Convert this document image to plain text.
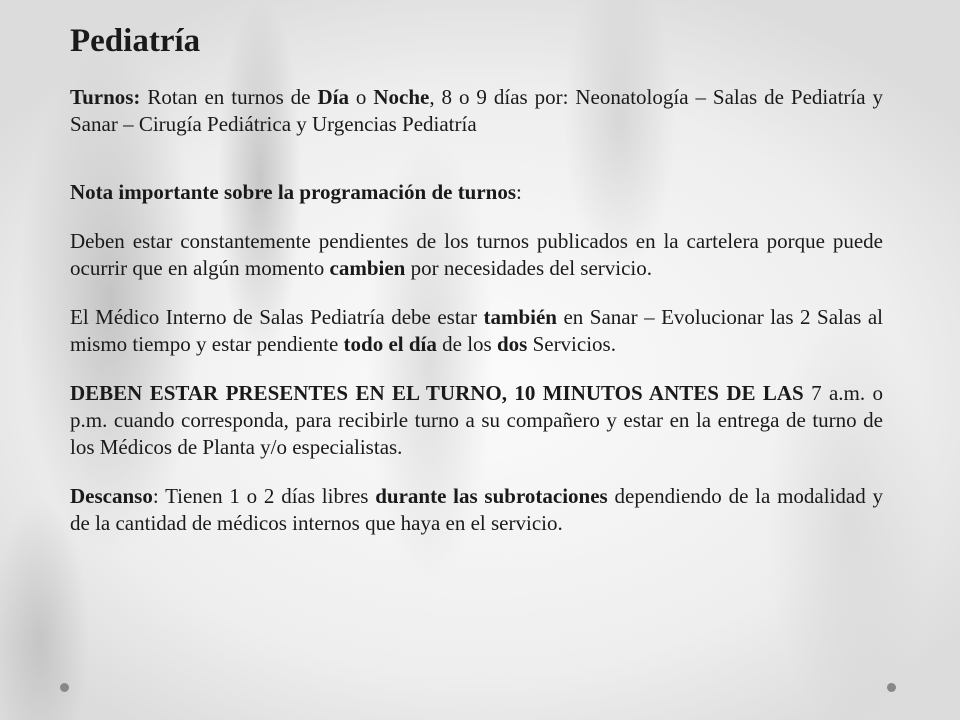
Pediatría

Turnos: Rotan en turnos de Día o Noche, 8 o 9 días por: Neonatología – Salas de Pediatría y Sanar – Cirugía Pediátrica y Urgencias Pediatría

Nota importante sobre la programación de turnos:

Deben estar constantemente pendientes de los turnos publicados en la cartelera porque puede ocurrir que en algún momento cambien por necesidades del servicio.

El Médico Interno de Salas Pediatría debe estar también en Sanar – Evolucionar las 2 Salas al mismo tiempo y estar pendiente todo el día de los dos Servicios.

DEBEN ESTAR PRESENTES EN EL TURNO, 10 MINUTOS ANTES DE LAS 7 a.m. o p.m. cuando corresponda, para recibirle turno a su compañero y estar en la entrega de turno de los Médicos de Planta y/o especialistas.

Descanso: Tienen 1 o 2 días libres durante las subrotaciones dependiendo de la modalidad y de la cantidad de médicos internos que haya en el servicio.
